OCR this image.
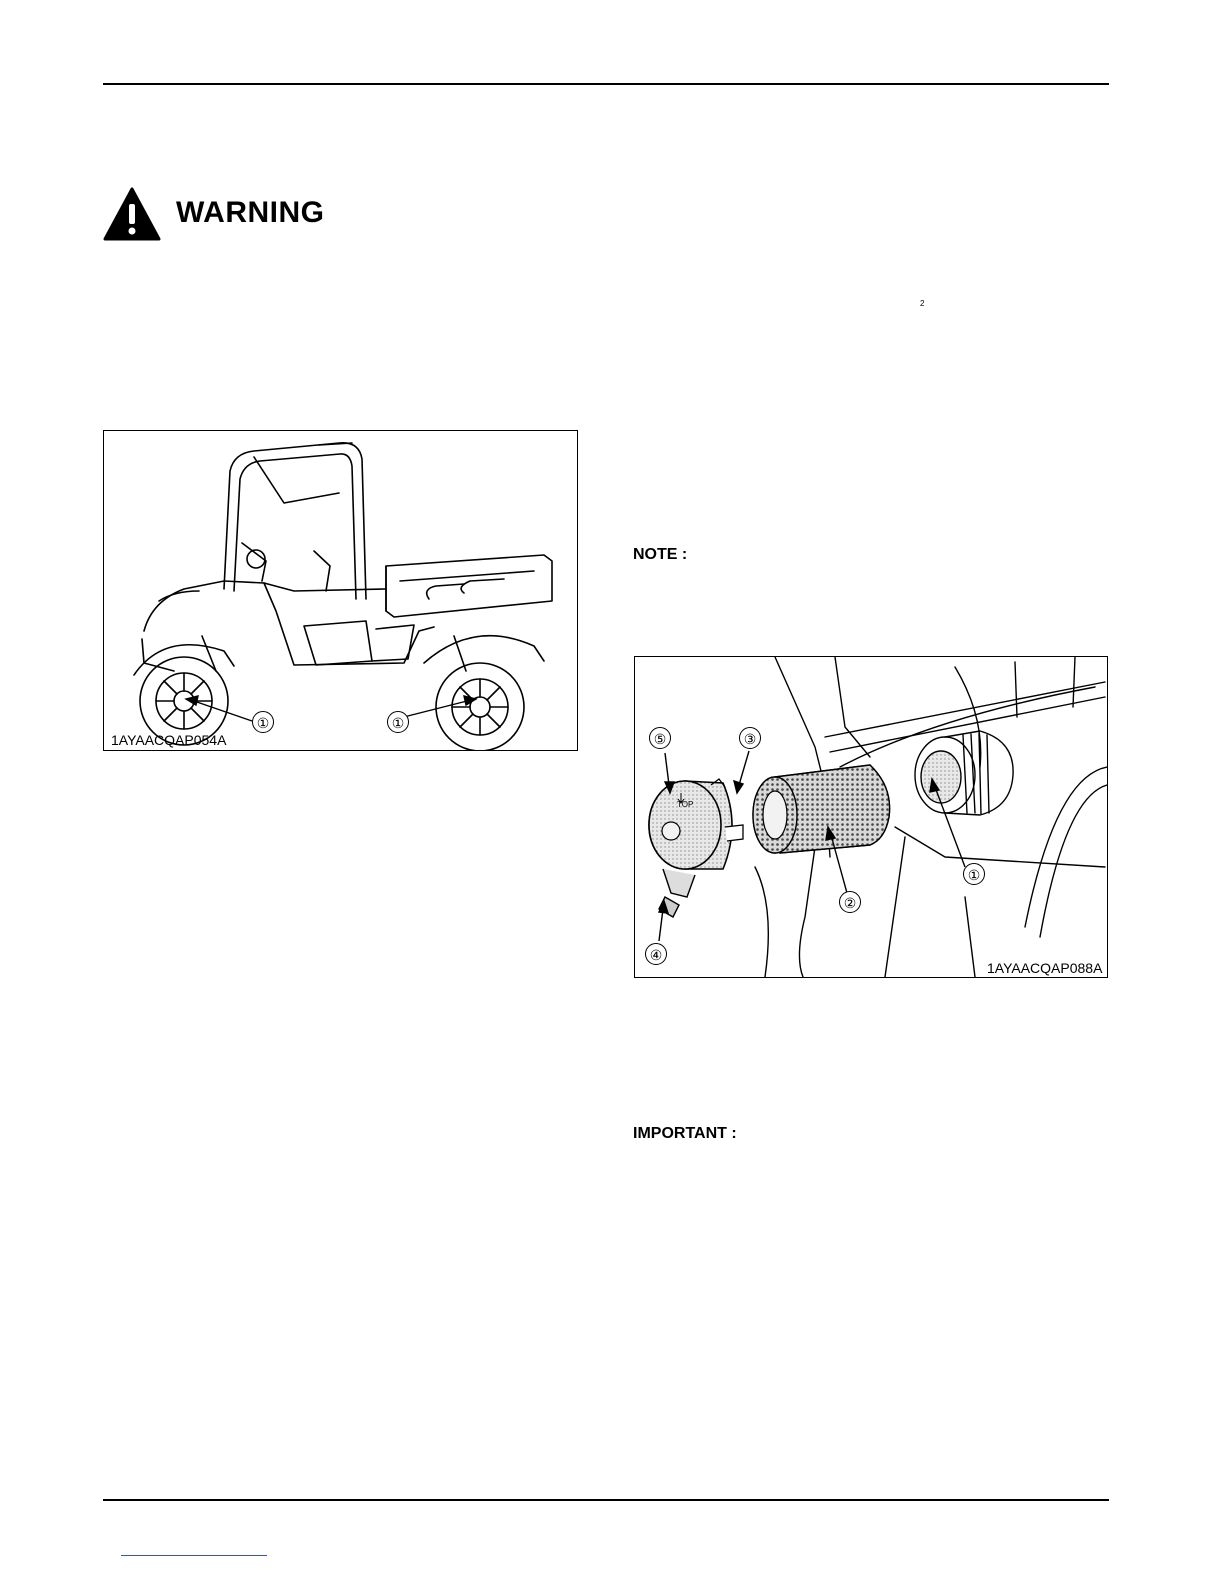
WARNING
2
①	①
1AYAACQAP054A
NOTE :
TOP
⑤	③
①
②
④
1AYAACQAP088A
IMPORTANT :
